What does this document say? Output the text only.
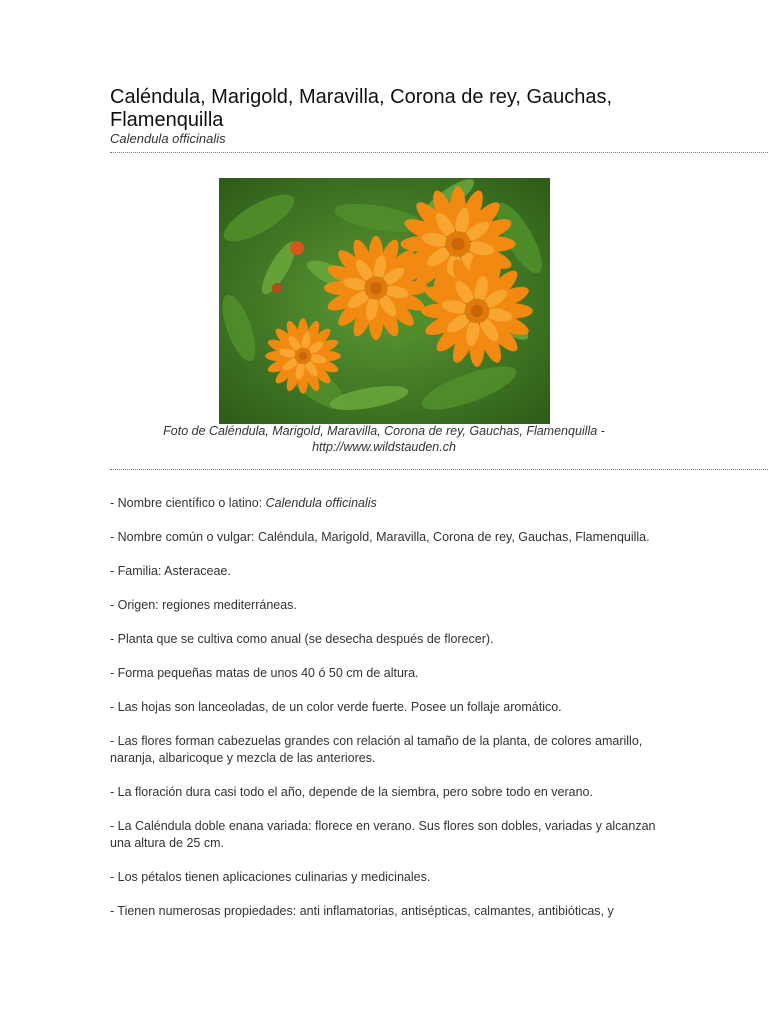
Caléndula, Marigold, Maravilla, Corona de rey, Gauchas, Flamenquilla
Calendula officinalis
Foto de Caléndula, Marigold, Maravilla, Corona de rey, Gauchas, Flamenquilla -
http://www.wildstauden.ch

- Nombre científico o latino: Calendula officinalis

- Nombre común o vulgar: Caléndula, Marigold, Maravilla, Corona de rey, Gauchas, Flamenquilla.

- Familia: Asteraceae.

- Origen: regiones mediterráneas.

- Planta que se cultiva como anual (se desecha después de florecer).

- Forma pequeñas matas de unos 40 ó 50 cm de altura.

- Las hojas son lanceoladas, de un color verde fuerte. Posee un follaje aromático.

- Las flores forman cabezuelas grandes con relación al tamaño de la planta, de colores amarillo, naranja, albaricoque y mezcla de las anteriores.

- La floración dura casi todo el año, depende de la siembra, pero sobre todo en verano.

- La Caléndula doble enana variada: florece en verano. Sus flores son dobles, variadas y alcanzan una altura de 25 cm.

- Los pétalos tienen aplicaciones culinarias y medicinales.

- Tienen numerosas propiedades: anti inflamatorias, antisépticas, calmantes, antibióticas, y
